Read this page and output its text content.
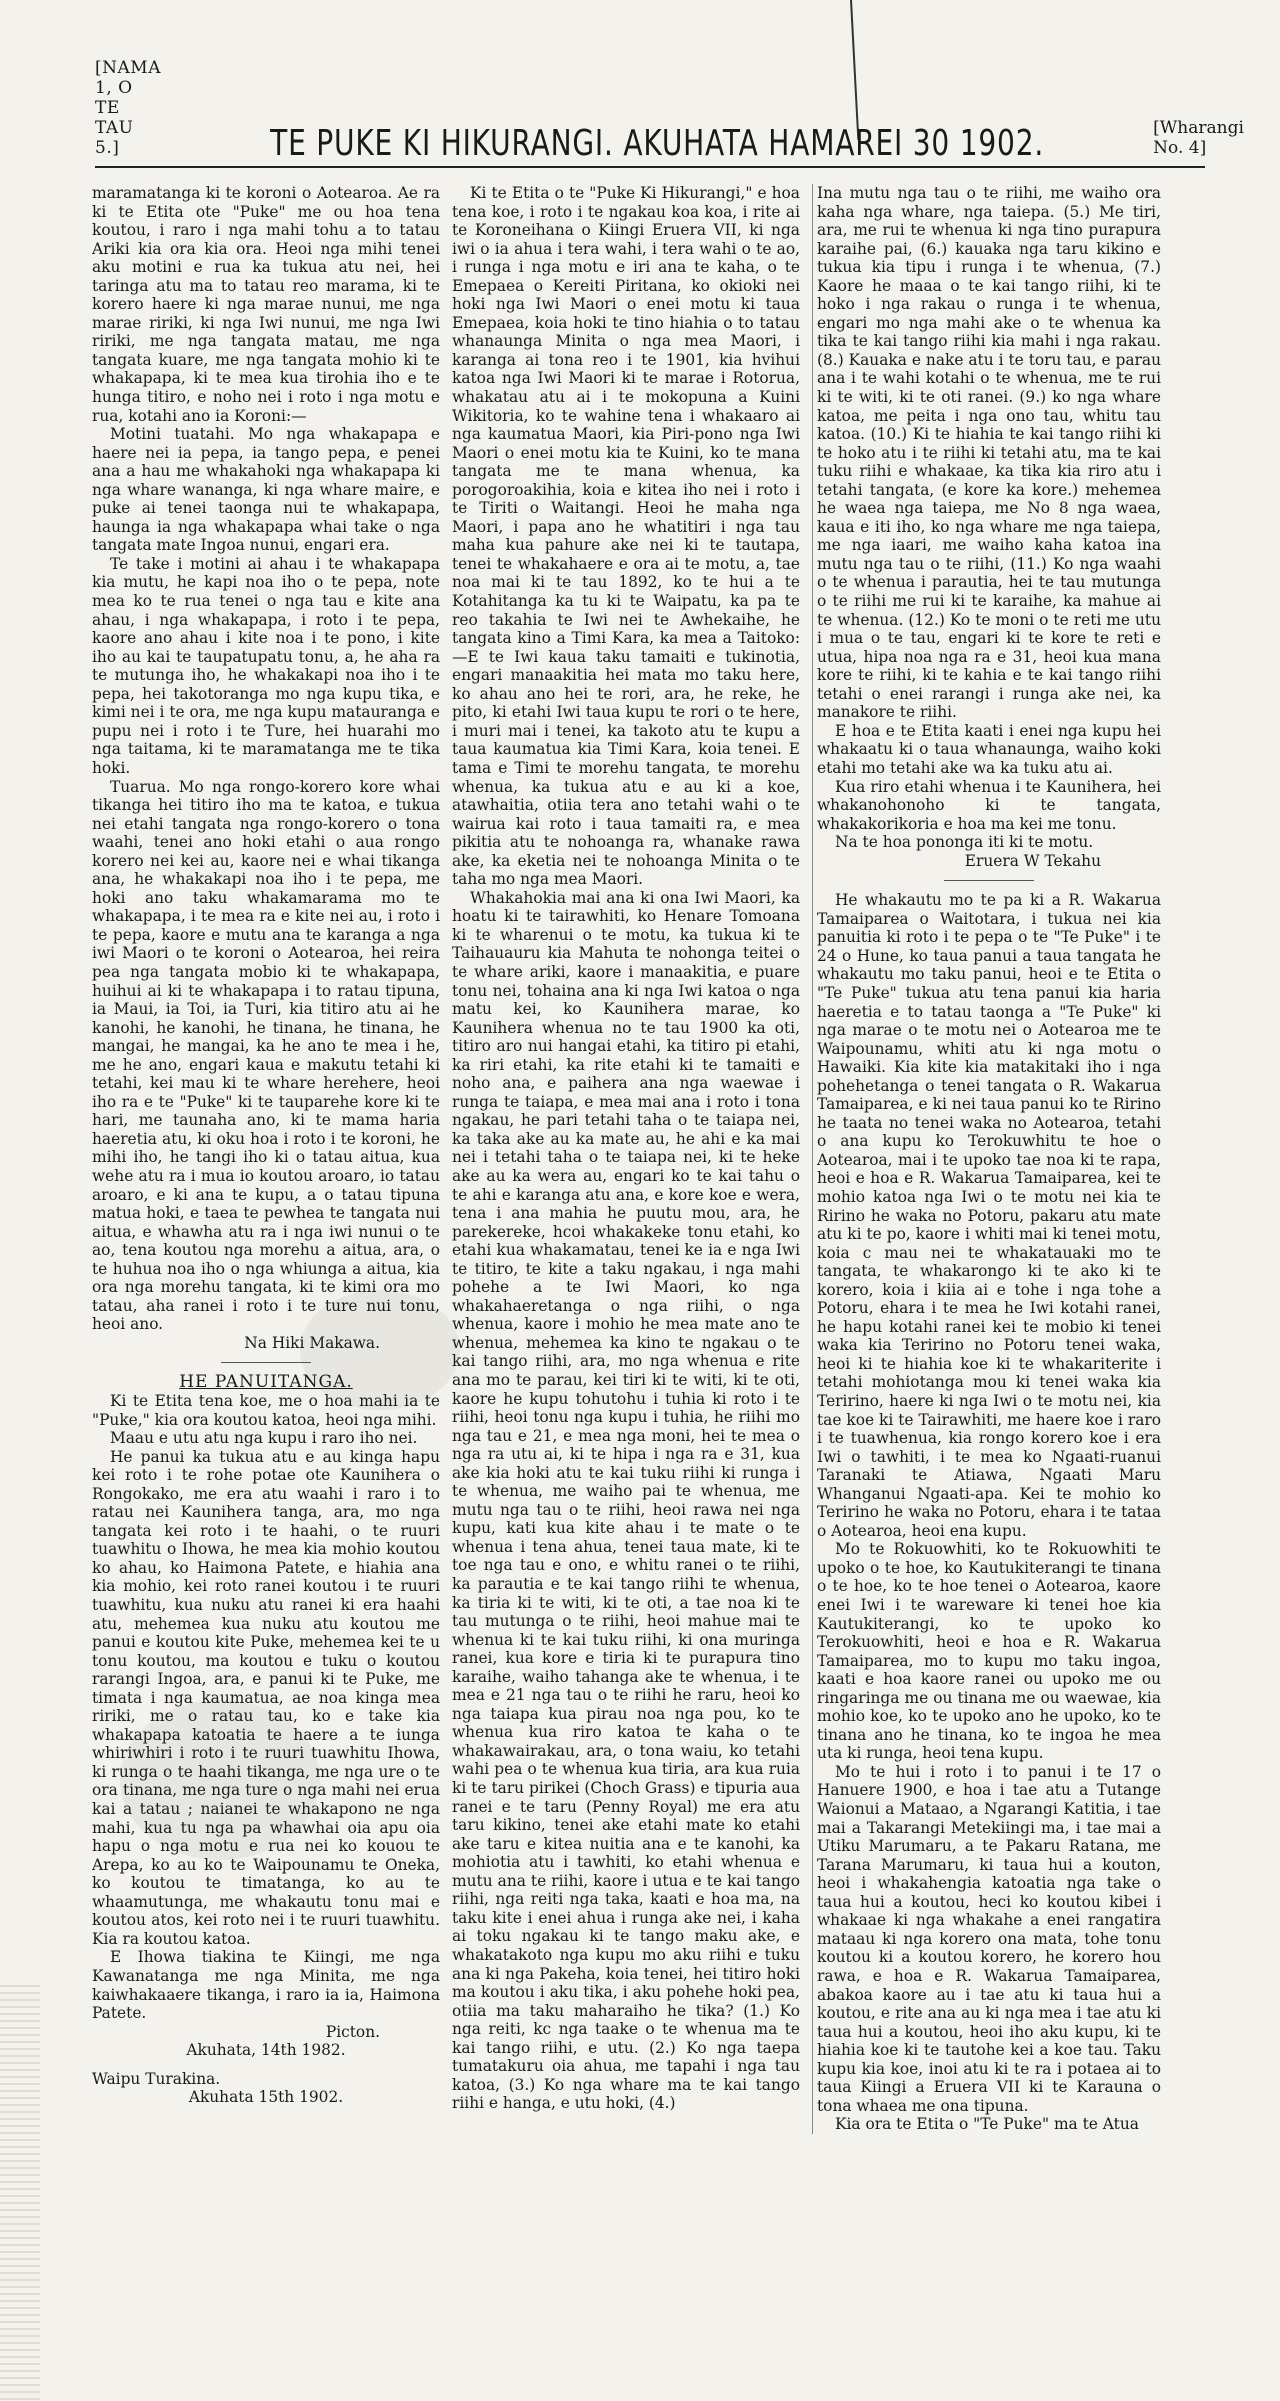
[NAMA 1, O TE TAU 5.]	TE PUKE KI HIKURANGI. AKUHATA HAMAREI 30 1902.	[Wharangi No. 4]

maramatanga ki te koroni o Aotearoa. Ae ra ki te Etita ote "Puke" me ou hoa tena koutou, i raro i nga mahi tohu a to tatau Ariki kia ora kia ora. Heoi nga mihi tenei aku motini e rua ka tukua atu nei, hei taringa atu ma to tatau reo marama, ki te korero haere ki nga marae nunui, me nga marae ririki, ki nga Iwi nunui, me nga Iwi ririki, me nga tangata matau, me nga tangata kuare, me nga tangata mohio ki te whakapapa, ki te mea kua tirohia iho e te hunga titiro, e noho nei i roto i nga motu e rua, kotahi ano ia Koroni:—

Motini tuatahi. Mo nga whakapapa e haere nei ia pepa, ia tango pepa, e penei ana a hau me whakahoki nga whakapapa ki nga whare wananga, ki nga whare maire, e puke ai tenei taonga nui te whakapapa, haunga ia nga whakapapa whai take o nga tangata mate Ingoa nunui, engari era.

Te take i motini ai ahau i te whakapapa kia mutu, he kapi noa iho o te pepa, note mea ko te rua tenei o nga tau e kite ana ahau, i nga whakapapa, i roto i te pepa, kaore ano ahau i kite noa i te pono, i kite iho au kai te taupatupatu tonu, a, he aha ra te mutunga iho, he whakakapi noa iho i te pepa, hei takotoranga mo nga kupu tika, e kimi nei i te ora, me nga kupu matauranga e pupu nei i roto i te Ture, hei huarahi mo nga taitama, ki te maramatanga me te tika hoki.

Tuarua. Mo nga rongo-korero kore whai tikanga hei titiro iho ma te katoa, e tukua nei etahi tangata nga rongo-korero o tona waahi, tenei ano hoki etahi o aua rongo korero nei kei au, kaore nei e whai tikanga ana, he whakakapi noa iho i te pepa, me hoki ano taku whakamarama mo te whakapapa, i te mea ra e kite nei au, i roto i te pepa, kaore e mutu ana te karanga a nga iwi Maori o te koroni o Aotearoa, hei reira pea nga tangata mobio ki te whakapapa, huihui ai ki te whakapapa i to ratau tipuna, ia Maui, ia Toi, ia Turi, kia titiro atu ai he kanohi, he kanohi, he tinana, he tinana, he mangai, he mangai, ka he ano te mea i he, me he ano, engari kaua e makutu tetahi ki tetahi, kei mau ki te whare herehere, heoi iho ra e te "Puke" ki te tauparehe kore ki te hari, me taunaha ano, ki te mama haria haeretia atu, ki oku hoa i roto i te koroni, he mihi iho, he tangi iho ki o tatau aitua, kua wehe atu ra i mua io koutou aroaro, io tatau aroaro, e ki ana te kupu, a o tatau tipuna matua hoki, e taea te pewhea te tangata nui aitua, e whawha atu ra i nga iwi nunui o te ao, tena koutou nga morehu a aitua, ara, o te huhua noa iho o nga whiunga a aitua, kia ora nga morehu tangata, ki te kimi ora mo tatau, aha ranei i roto i te ture nui tonu, heoi ano.

Na Hiki Makawa.

HE PANUITANGA.

Ki te Etita tena koe, me o hoa mahi ia te "Puke," kia ora koutou katoa, heoi nga mihi.

Maau e utu atu nga kupu i raro iho nei.

He panui ka tukua atu e au kinga hapu kei roto i te rohe potae ote Kaunihera o Rongokako, me era atu waahi i raro i to ratau nei Kaunihera tanga, ara, mo nga tangata kei roto i te haahi, o te ruuri tuawhitu o Ihowa, he mea kia mohio koutou ko ahau, ko Haimona Patete, e hiahia ana kia mohio, kei roto ranei koutou i te ruuri tuawhitu, kua nuku atu ranei ki era haahi atu, mehemea kua nuku atu koutou me panui e koutou kite Puke, mehemea kei te u tonu koutou, ma koutou e tuku o koutou rarangi Ingoa, ara, e panui ki te Puke, me timata i nga kaumatua, ae noa kinga mea ririki, me o ratau tau, ko e take kia whakapapa katoatia te haere a te iunga whiriwhiri i roto i te ruuri tuawhitu Ihowa, ki runga o te haahi tikanga, me nga ure o te ora tinana, me nga ture o nga mahi nei erua kai a tatau ; naianei te whakapono ne nga mahi, kua tu nga pa whawhai oia apu oia hapu o nga motu e rua nei ko kouou te Arepa, ko au ko te Waipounamu te Oneka, ko koutou te timatanga, ko au te whaamutunga, me whakautu tonu mai e koutou atos, kei roto nei i te ruuri tuawhitu. Kia ra koutou katoa.

E Ihowa tiakina te Kiingi, me nga Kawanatanga me nga Minita, me nga kaiwhakaaere tikanga, i raro ia ia, Haimona Patete.

Picton.

Akuhata, 14th 1982.

Waipu Turakina.

Akuhata 15th 1902.

Ki te Etita o te "Puke Ki Hikurangi," e hoa tena koe, i roto i te ngakau koa koa, i rite ai te Koroneihana o Kiingi Eruera VII, ki nga iwi o ia ahua i tera wahi, i tera wahi o te ao, i runga i nga motu e iri ana te kaha, o te Emepaea o Kereiti Piritana, ko okioki nei hoki nga Iwi Maori o enei motu ki taua Emepaea, koia hoki te tino hiahia o to tatau whanaunga Minita o nga mea Maori, i karanga ai tona reo i te 1901, kia hvihui katoa nga Iwi Maori ki te marae i Rotorua, whakatau atu ai i te mokopuna a Kuini Wikitoria, ko te wahine tena i whakaaro ai nga kaumatua Maori, kia Piri-pono nga Iwi Maori o enei motu kia te Kuini, ko te mana tangata me te mana whenua, ka porogoroakihia, koia e kitea iho nei i roto i te Tiriti o Waitangi. Heoi he maha nga Maori, i papa ano he whatitiri i nga tau maha kua pahure ake nei ki te tautapa, tenei te whakahaere e ora ai te motu, a, tae noa mai ki te tau 1892, ko te hui a te Kotahitanga ka tu ki te Waipatu, ka pa te reo takahia te Iwi nei te Awhekaihe, he tangata kino a Timi Kara, ka mea a Taitoko:—E te Iwi kaua taku tamaiti e tukinotia, engari manaakitia hei mata mo taku here, ko ahau ano hei te rori, ara, he reke, he pito, ki etahi Iwi taua kupu te rori o te here, i muri mai i tenei, ka takoto atu te kupu a taua kaumatua kia Timi Kara, koia tenei. E tama e Timi te morehu tangata, te morehu whenua, ka tukua atu e au ki a koe, atawhaitia, otiia tera ano tetahi wahi o te wairua kai roto i taua tamaiti ra, e mea pikitia atu te nohoanga ra, whanake rawa ake, ka eketia nei te nohoanga Minita o te taha mo nga mea Maori.

Whakahokia mai ana ki ona Iwi Maori, ka hoatu ki te tairawhiti, ko Henare Tomoana ki te wharenui o te motu, ka tukua ki te Taihauauru kia Mahuta te nohonga teitei o te whare ariki, kaore i manaakitia, e puare tonu nei, tohaina ana ki nga Iwi katoa o nga matu kei, ko Kaunihera marae, ko Kaunihera whenua no te tau 1900 ka oti, titiro aro nui hangai etahi, ka titiro pi etahi, ka riri etahi, ka rite etahi ki te tamaiti e noho ana, e paihera ana nga waewae i runga te taiapa, e mea mai ana i roto i tona ngakau, he pari tetahi taha o te taiapa nei, ka taka ake au ka mate au, he ahi e ka mai nei i tetahi taha o te taiapa nei, ki te heke ake au ka wera au, engari ko te kai tahu o te ahi e karanga atu ana, e kore koe e wera, tena i ana mahia he puutu mou, ara, he parekereke, hcoi whakakeke tonu etahi, ko etahi kua whakamatau, tenei ke ia e nga Iwi te titiro, te kite a taku ngakau, i nga mahi pohehe a te Iwi Maori, ko nga whakahaeretanga o nga riihi, o nga whenua, kaore i mohio he mea mate ano te whenua, mehemea ka kino te ngakau o te kai tango riihi, ara, mo nga whenua e rite ana mo te parau, kei tiri ki te witi, ki te oti, kaore he kupu tohutohu i tuhia ki roto i te riihi, heoi tonu nga kupu i tuhia, he riihi mo nga tau e 21, e mea nga moni, hei te mea o nga ra utu ai, ki te hipa i nga ra e 31, kua ake kia hoki atu te kai tuku riihi ki runga i te whenua, me waiho pai te whenua, me mutu nga tau o te riihi, heoi rawa nei nga kupu, kati kua kite ahau i te mate o te whenua i tena ahua, tenei taua mate, ki te toe nga tau e ono, e whitu ranei o te riihi, ka parautia e te kai tango riihi te whenua, ka tiria ki te witi, ki te oti, a tae noa ki te tau mutunga o te riihi, heoi mahue mai te whenua ki te kai tuku riihi, ki ona muringa ranei, kua kore e tiria ki te purapura tino karaihe, waiho tahanga ake te whenua, i te mea e 21 nga tau o te riihi he raru, heoi ko nga taiapa kua pirau noa nga pou, ko te whenua kua riro katoa te kaha o te whakawairakau, ara, o tona waiu, ko tetahi wahi pea o te whenua kua tiria, ara kua ruia ki te taru pirikei (Choch Grass) e tipuria aua ranei e te taru (Penny Royal) me era atu taru kikino, tenei ake etahi mate ko etahi ake taru e kitea nuitia ana e te kanohi, ka mohiotia atu i tawhiti, ko etahi whenua e mutu ana te riihi, kaore i utua e te kai tango riihi, nga reiti nga taka, kaati e hoa ma, na taku kite i enei ahua i runga ake nei, i kaha ai toku ngakau ki te tango maku ake, e whakatakoto nga kupu mo aku riihi e tuku ana ki nga Pakeha, koia tenei, hei titiro hoki ma koutou i aku tika, i aku pohehe hoki pea, otiia ma taku maharaiho he tika? (1.) Ko nga reiti, kc nga taake o te whenua ma te kai tango riihi, e utu. (2.) Ko nga taepa tumatakuru oia ahua, me tapahi i nga tau katoa, (3.) Ko nga whare ma te kai tango riihi e hanga, e utu hoki, (4.)

Ina mutu nga tau o te riihi, me waiho ora kaha nga whare, nga taiepa. (5.) Me tiri, ara, me rui te whenua ki nga tino purapura karaihe pai, (6.) kauaka nga taru kikino e tukua kia tipu i runga i te whenua, (7.) Kaore he maaa o te kai tango riihi, ki te hoko i nga rakau o runga i te whenua, engari mo nga mahi ake o te whenua ka tika te kai tango riihi kia mahi i nga rakau. (8.) Kauaka e nake atu i te toru tau, e parau ana i te wahi kotahi o te whenua, me te rui ki te witi, ki te oti ranei. (9.) ko nga whare katoa, me peita i nga ono tau, whitu tau katoa. (10.) Ki te hiahia te kai tango riihi ki te hoko atu i te riihi ki tetahi atu, ma te kai tuku riihi e whakaae, ka tika kia riro atu i tetahi tangata, (e kore ka kore.) mehemea he waea nga taiepa, me No 8 nga waea, kaua e iti iho, ko nga whare me nga taiepa, me nga iaari, me waiho kaha katoa ina mutu nga tau o te riihi, (11.) Ko nga waahi o te whenua i parautia, hei te tau mutunga o te riihi me rui ki te karaihe, ka mahue ai te whenua. (12.) Ko te moni o te reti me utu i mua o te tau, engari ki te kore te reti e utua, hipa noa nga ra e 31, heoi kua mana kore te riihi, ki te kahia e te kai tango riihi tetahi o enei rarangi i runga ake nei, ka manakore te riihi.

E hoa e te Etita kaati i enei nga kupu hei whakaatu ki o taua whanaunga, waiho koki etahi mo tetahi ake wa ka tuku atu ai.

Kua riro etahi whenua i te Kaunihera, hei whakanohonoho ki te tangata, whakakorikoria e hoa ma kei me tonu.

Na te hoa pononga iti ki te motu.

Eruera W Tekahu

He whakautu mo te pa ki a R. Wakarua Tamaiparea o Waitotara, i tukua nei kia panuitia ki roto i te pepa o te "Te Puke" i te 24 o Hune, ko taua panui a taua tangata he whakautu mo taku panui, heoi e te Etita o "Te Puke" tukua atu tena panui kia haria haeretia e to tatau taonga a "Te Puke" ki nga marae o te motu nei o Aotearoa me te Waipounamu, whiti atu ki nga motu o Hawaiki. Kia kite kia matakitaki iho i nga pohehetanga o tenei tangata o R. Wakarua Tamaiparea, e ki nei taua panui ko te Ririno he taata no tenei waka no Aotearoa, tetahi o ana kupu ko Terokuwhitu te hoe o Aotearoa, mai i te upoko tae noa ki te rapa, heoi e hoa e R. Wakarua Tamaiparea, kei te mohio katoa nga Iwi o te motu nei kia te Ririno he waka no Potoru, pakaru atu mate atu ki te po, kaore i whiti mai ki tenei motu, koia c mau nei te whakatauaki mo te tangata, te whakarongo ki te ako ki te korero, koia i kiia ai e tohe i nga tohe a Potoru, ehara i te mea he Iwi kotahi ranei, he hapu kotahi ranei kei te mobio ki tenei waka kia Teririno no Potoru tenei waka, heoi ki te hiahia koe ki te whakariterite i tetahi mohiotanga mou ki tenei waka kia Teririno, haere ki nga Iwi o te motu nei, kia tae koe ki te Tairawhiti, me haere koe i raro i te tuawhenua, kia rongo korero koe i era Iwi o tawhiti, i te mea ko Ngaati-ruanui Taranaki te Atiawa, Ngaati Maru Whanganui Ngaati-apa. Kei te mohio ko Teririno he waka no Potoru, ehara i te tataa o Aotearoa, heoi ena kupu.

Mo te Rokuowhiti, ko te Rokuowhiti te upoko o te hoe, ko Kautukiterangi te tinana o te hoe, ko te hoe tenei o Aotearoa, kaore enei Iwi i te wareware ki tenei hoe kia Kautukiterangi, ko te upoko ko Terokuowhiti, heoi e hoa e R. Wakarua Tamaiparea, mo to kupu mo taku ingoa, kaati e hoa kaore ranei ou upoko me ou ringaringa me ou tinana me ou waewae, kia mohio koe, ko te upoko ano he upoko, ko te tinana ano he tinana, ko te ingoa he mea uta ki runga, heoi tena kupu.

Mo te hui i roto i to panui i te 17 o Hanuere 1900, e hoa i tae atu a Tutange Waionui a Mataao, a Ngarangi Katitia, i tae mai a Takarangi Metekiingi ma, i tae mai a Utiku Marumaru, a te Pakaru Ratana, me Tarana Marumaru, ki taua hui a kouton, heoi i whakahengia katoatia nga take o taua hui a koutou, heci ko koutou kibei i whakaae ki nga whakahe a enei rangatira mataau ki nga korero ona mata, tohe tonu koutou ki a koutou korero, he korero hou rawa, e hoa e R. Wakarua Tamaiparea, abakoa kaore au i tae atu ki taua hui a koutou, e rite ana au ki nga mea i tae atu ki taua hui a koutou, heoi iho aku kupu, ki te hiahia koe ki te tautohe kei a koe tau. Taku kupu kia koe, inoi atu ki te ra i potaea ai to taua Kiingi a Eruera VII ki te Karauna o tona whaea me ona tipuna.

Kia ora te Etita o "Te Puke" ma te Atua
